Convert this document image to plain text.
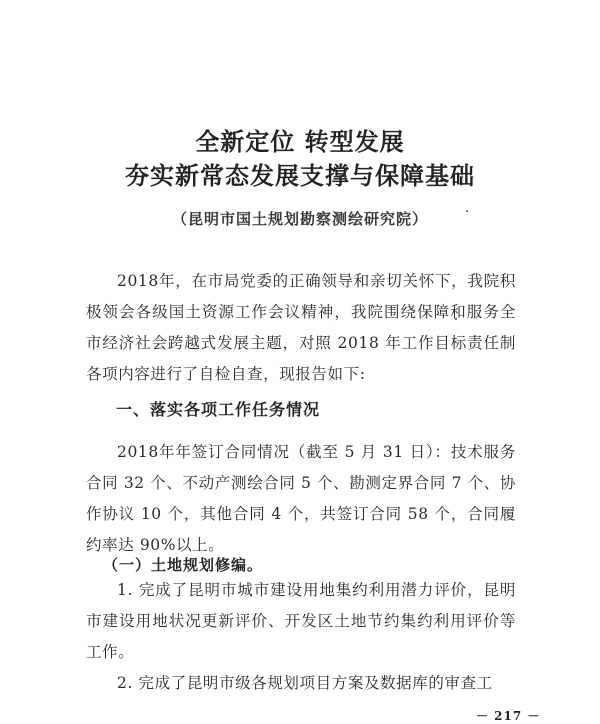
全新定位 转型发展
夯实新常态发展支撑与保障基础
（昆明市国土规划勘察测绘研究院）
2018年，在市局党委的正确领导和亲切关怀下，我院积极领会各级国土资源工作会议精神，我院围绕保障和服务全市经济社会跨越式发展主题，对照 2018 年工作目标责任制各项内容进行了自检自查，现报告如下:
一、落实各项工作任务情况
2018年年签订合同情况（截至 5 月 31 日）：技术服务合同 32 个、不动产测绘合同 5 个、勘测定界合同 7 个、协作协议 10 个，其他合同 4 个，共签订合同 58 个，合同履约率达 90%以上。
（一）土地规划修编。
1. 完成了昆明市城市建设用地集约利用潜力评价，昆明市建设用地状况更新评价、开发区土地节约集约利用评价等工作。
2. 完成了昆明市级各规划项目方案及数据库的审查工
－ 217 －
